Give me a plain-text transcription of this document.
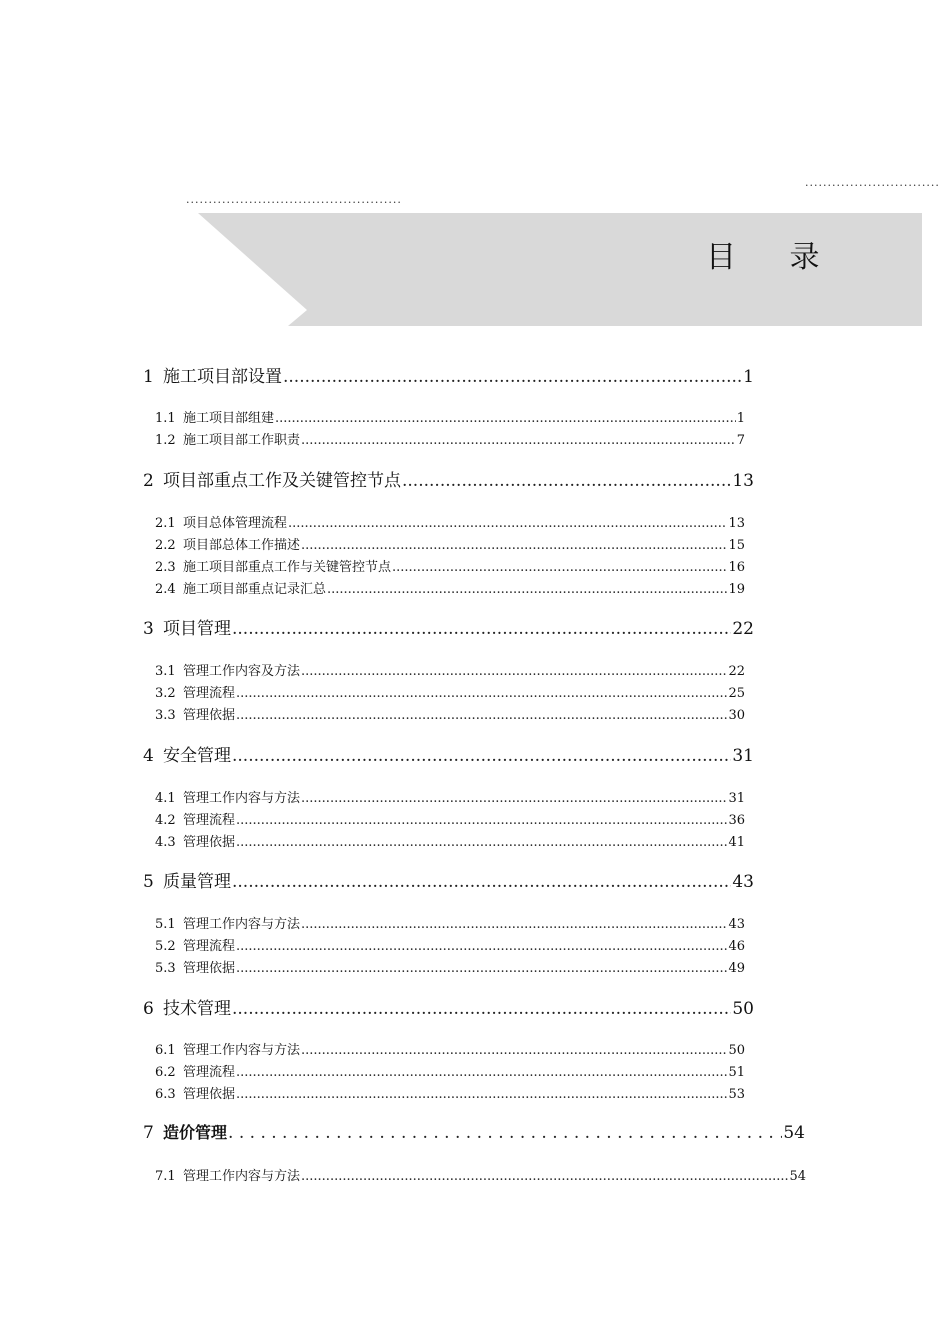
..............................
................................................
目 录
1 施工项目部设置 .....	1
1.1 施工项目部组建 .....	1
1.2 施工项目部工作职责 .....	7
2 项目部重点工作及关键管控节点 .....	13
2.1 项目总体管理流程 .....	13
2.2 项目部总体工作描述 .....	15
2.3 施工项目部重点工作与关键管控节点 .....	16
2.4 施工项目部重点记录汇总 .....	19
3 项目管理 .....	22
3.1 管理工作内容及方法 .....	22
3.2 管理流程 .....	25
3.3 管理依据 .....	30
4 安全管理 .....	31
4.1 管理工作内容与方法 .....	31
4.2 管理流程 .....	36
4.3 管理依据 .....	41
5 质量管理 .....	43
5.1 管理工作内容与方法 .....	43
5.2 管理流程 .....	46
5.3 管理依据 .....	49
6 技术管理 .....	50
6.1 管理工作内容与方法 .....	50
6.2 管理流程 .....	51
6.3 管理依据 .....	53
7 造价管理 . . .	54
7.1 管理工作内容与方法 .....	54
